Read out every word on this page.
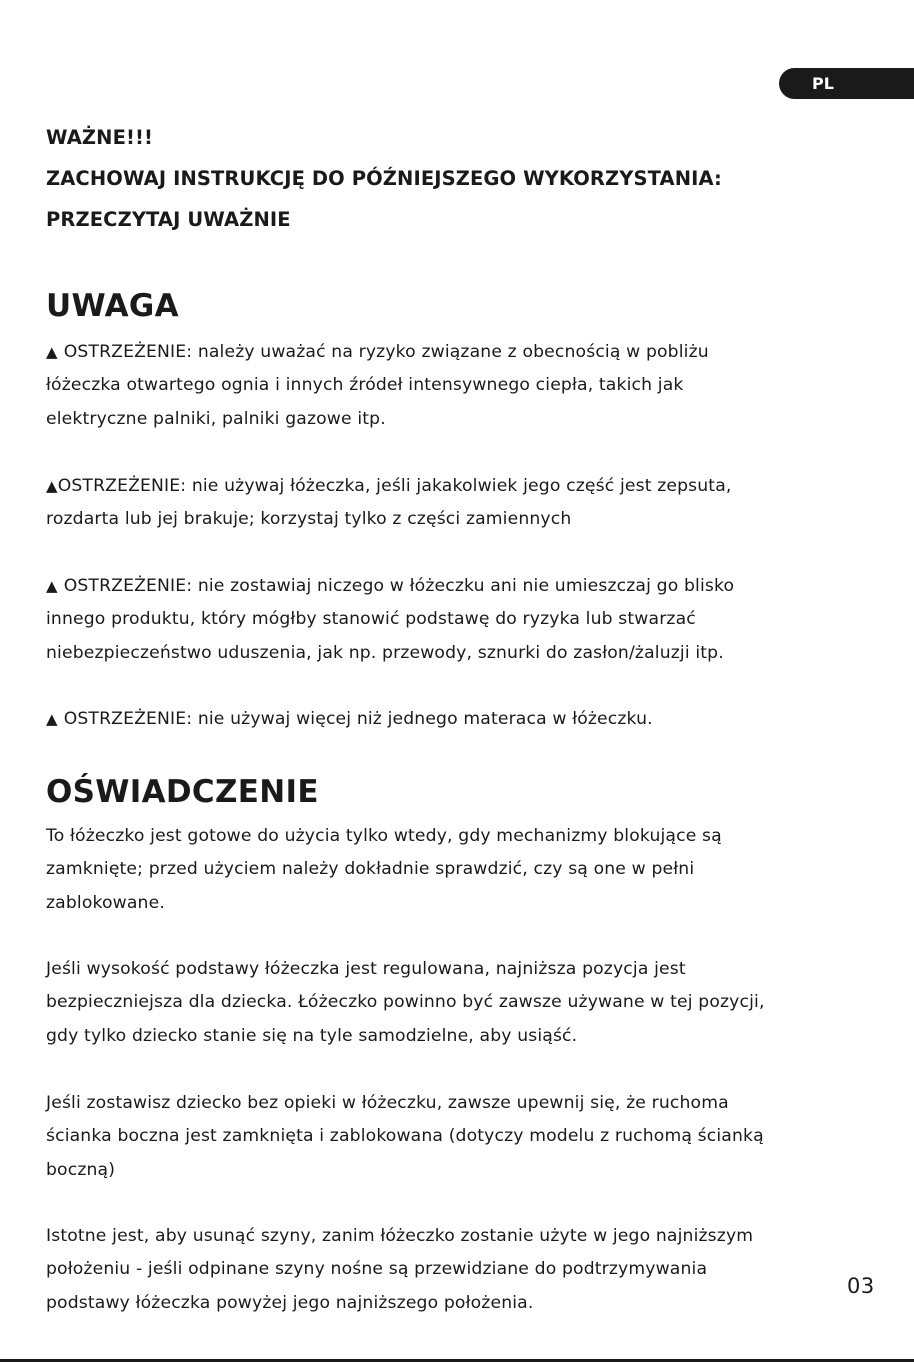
PL
WAŻNE!!!
ZACHOWAJ INSTRUKCJĘ DO PÓŹNIEJSZEGO WYKORZYSTANIA:
PRZECZYTAJ UWAŻNIE
UWAGA
▲ OSTRZEŻENIE: należy uważać na ryzyko związane z obecnością w pobliżu
łóżeczka otwartego ognia i innych źródeł intensywnego ciepła, takich jak
elektryczne palniki, palniki gazowe itp.
▲OSTRZEŻENIE: nie używaj łóżeczka, jeśli jakakolwiek jego część jest zepsuta,
rozdarta lub jej brakuje; korzystaj tylko z części zamiennych
▲ OSTRZEŻENIE: nie zostawiaj niczego w łóżeczku ani nie umieszczaj go blisko
innego produktu, który mógłby stanowić podstawę do ryzyka lub stwarzać
niebezpieczeństwo uduszenia, jak np. przewody, sznurki do zasłon/żaluzji itp.
▲ OSTRZEŻENIE: nie używaj więcej niż jednego materaca w łóżeczku.
OŚWIADCZENIE
To łóżeczko jest gotowe do użycia tylko wtedy, gdy mechanizmy blokujące są
zamknięte; przed użyciem należy dokładnie sprawdzić, czy są one w pełni
zablokowane.
Jeśli wysokość podstawy łóżeczka jest regulowana, najniższa pozycja jest
bezpieczniejsza dla dziecka. Łóżeczko powinno być zawsze używane w tej pozycji,
gdy tylko dziecko stanie się na tyle samodzielne, aby usiąść.
Jeśli zostawisz dziecko bez opieki w łóżeczku, zawsze upewnij się, że ruchoma
ścianka boczna jest zamknięta i zablokowana (dotyczy modelu z ruchomą ścianką
boczną)
Istotne jest, aby usunąć szyny, zanim łóżeczko zostanie użyte w jego najniższym
położeniu - jeśli odpinane szyny nośne są przewidziane do podtrzymywania
podstawy łóżeczka powyżej jego najniższego położenia.
03
